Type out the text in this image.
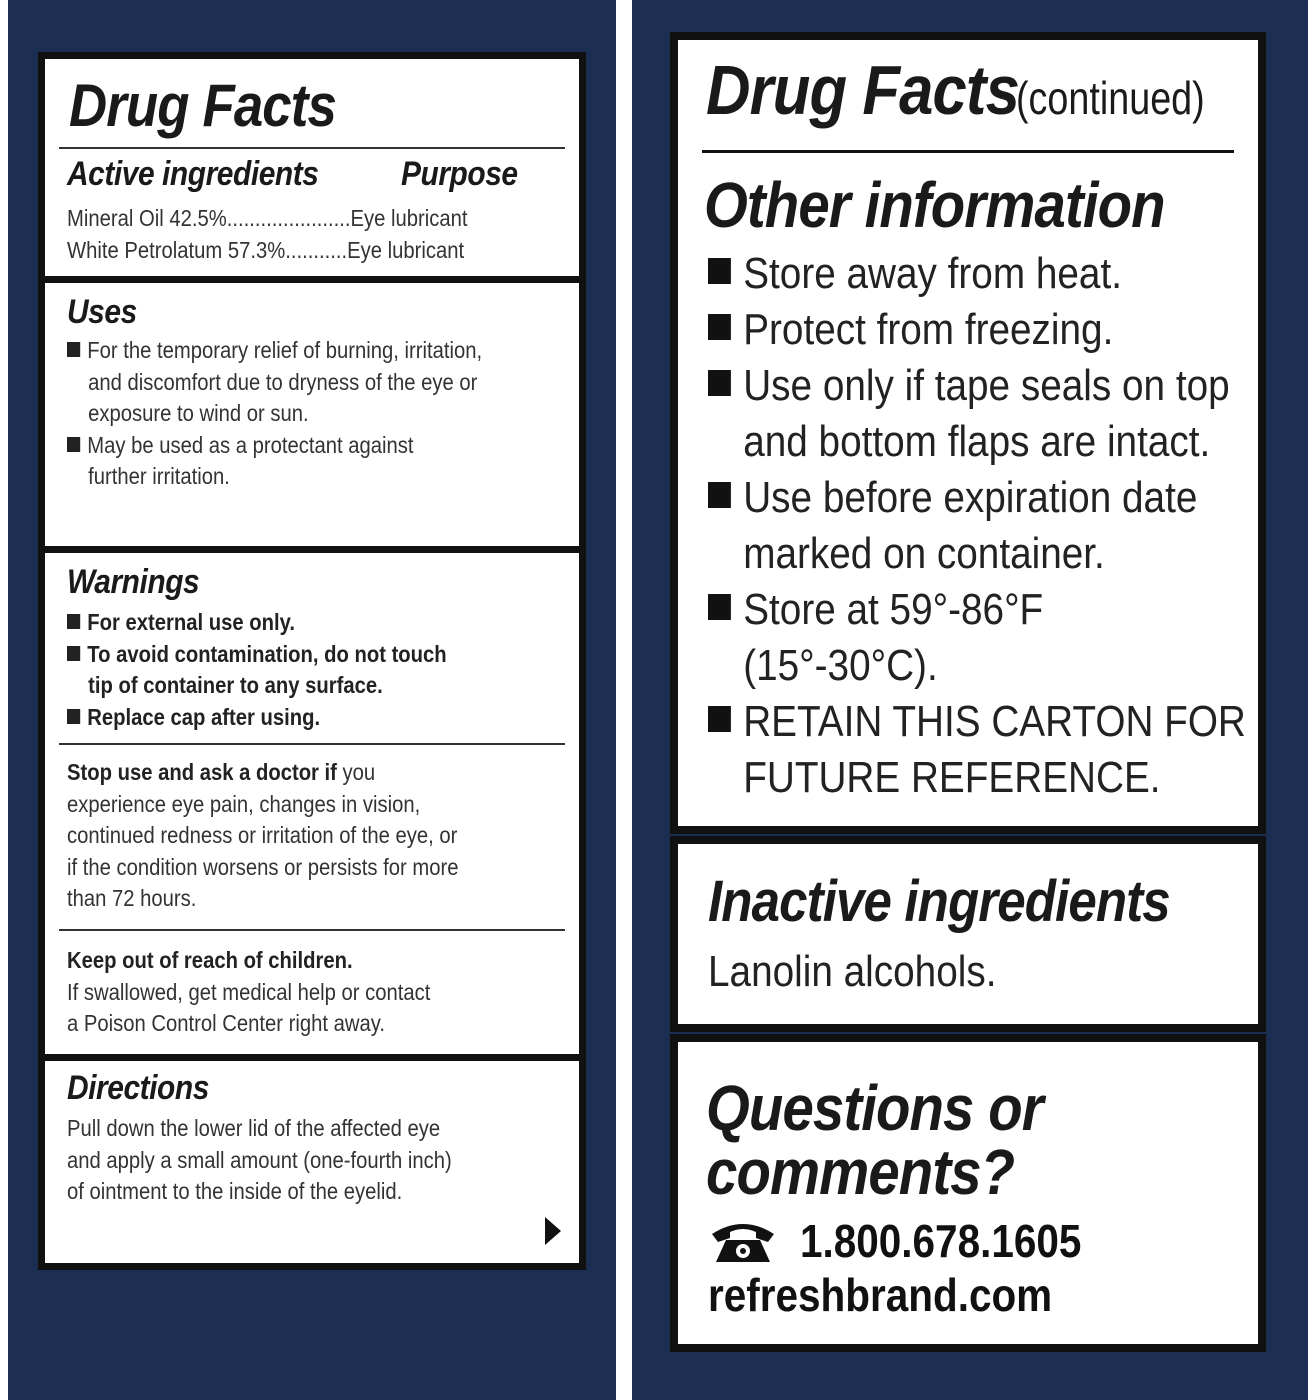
Drug Facts
Active ingredients Purpose
Mineral Oil 42.5%......................Eye lubricant
White Petrolatum 57.3%...........Eye lubricant
Uses
For the temporary relief of burning, irritation,
and discomfort due to dryness of the eye or
exposure to wind or sun.
May be used as a protectant against
further irritation.
Warnings
For external use only.
To avoid contamination, do not touch
tip of container to any surface.
Replace cap after using.
Stop use and ask a doctor if you
experience eye pain, changes in vision,
continued redness or irritation of the eye, or
if the condition worsens or persists for more
than 72 hours.
Keep out of reach of children.
If swallowed, get medical help or contact
a Poison Control Center right away.
Directions
Pull down the lower lid of the affected eye
and apply a small amount (one-fourth inch)
of ointment to the inside of the eyelid.
Drug Facts(continued)
Other information
Store away from heat.
Protect from freezing.
Use only if tape seals on top
and bottom flaps are intact.
Use before expiration date
marked on container.
Store at 59°-86°F
(15°-30°C).
RETAIN THIS CARTON FOR
FUTURE REFERENCE.
Inactive ingredients
Lanolin alcohols.
Questions or
comments?
1.800.678.1605
refreshbrand.com
